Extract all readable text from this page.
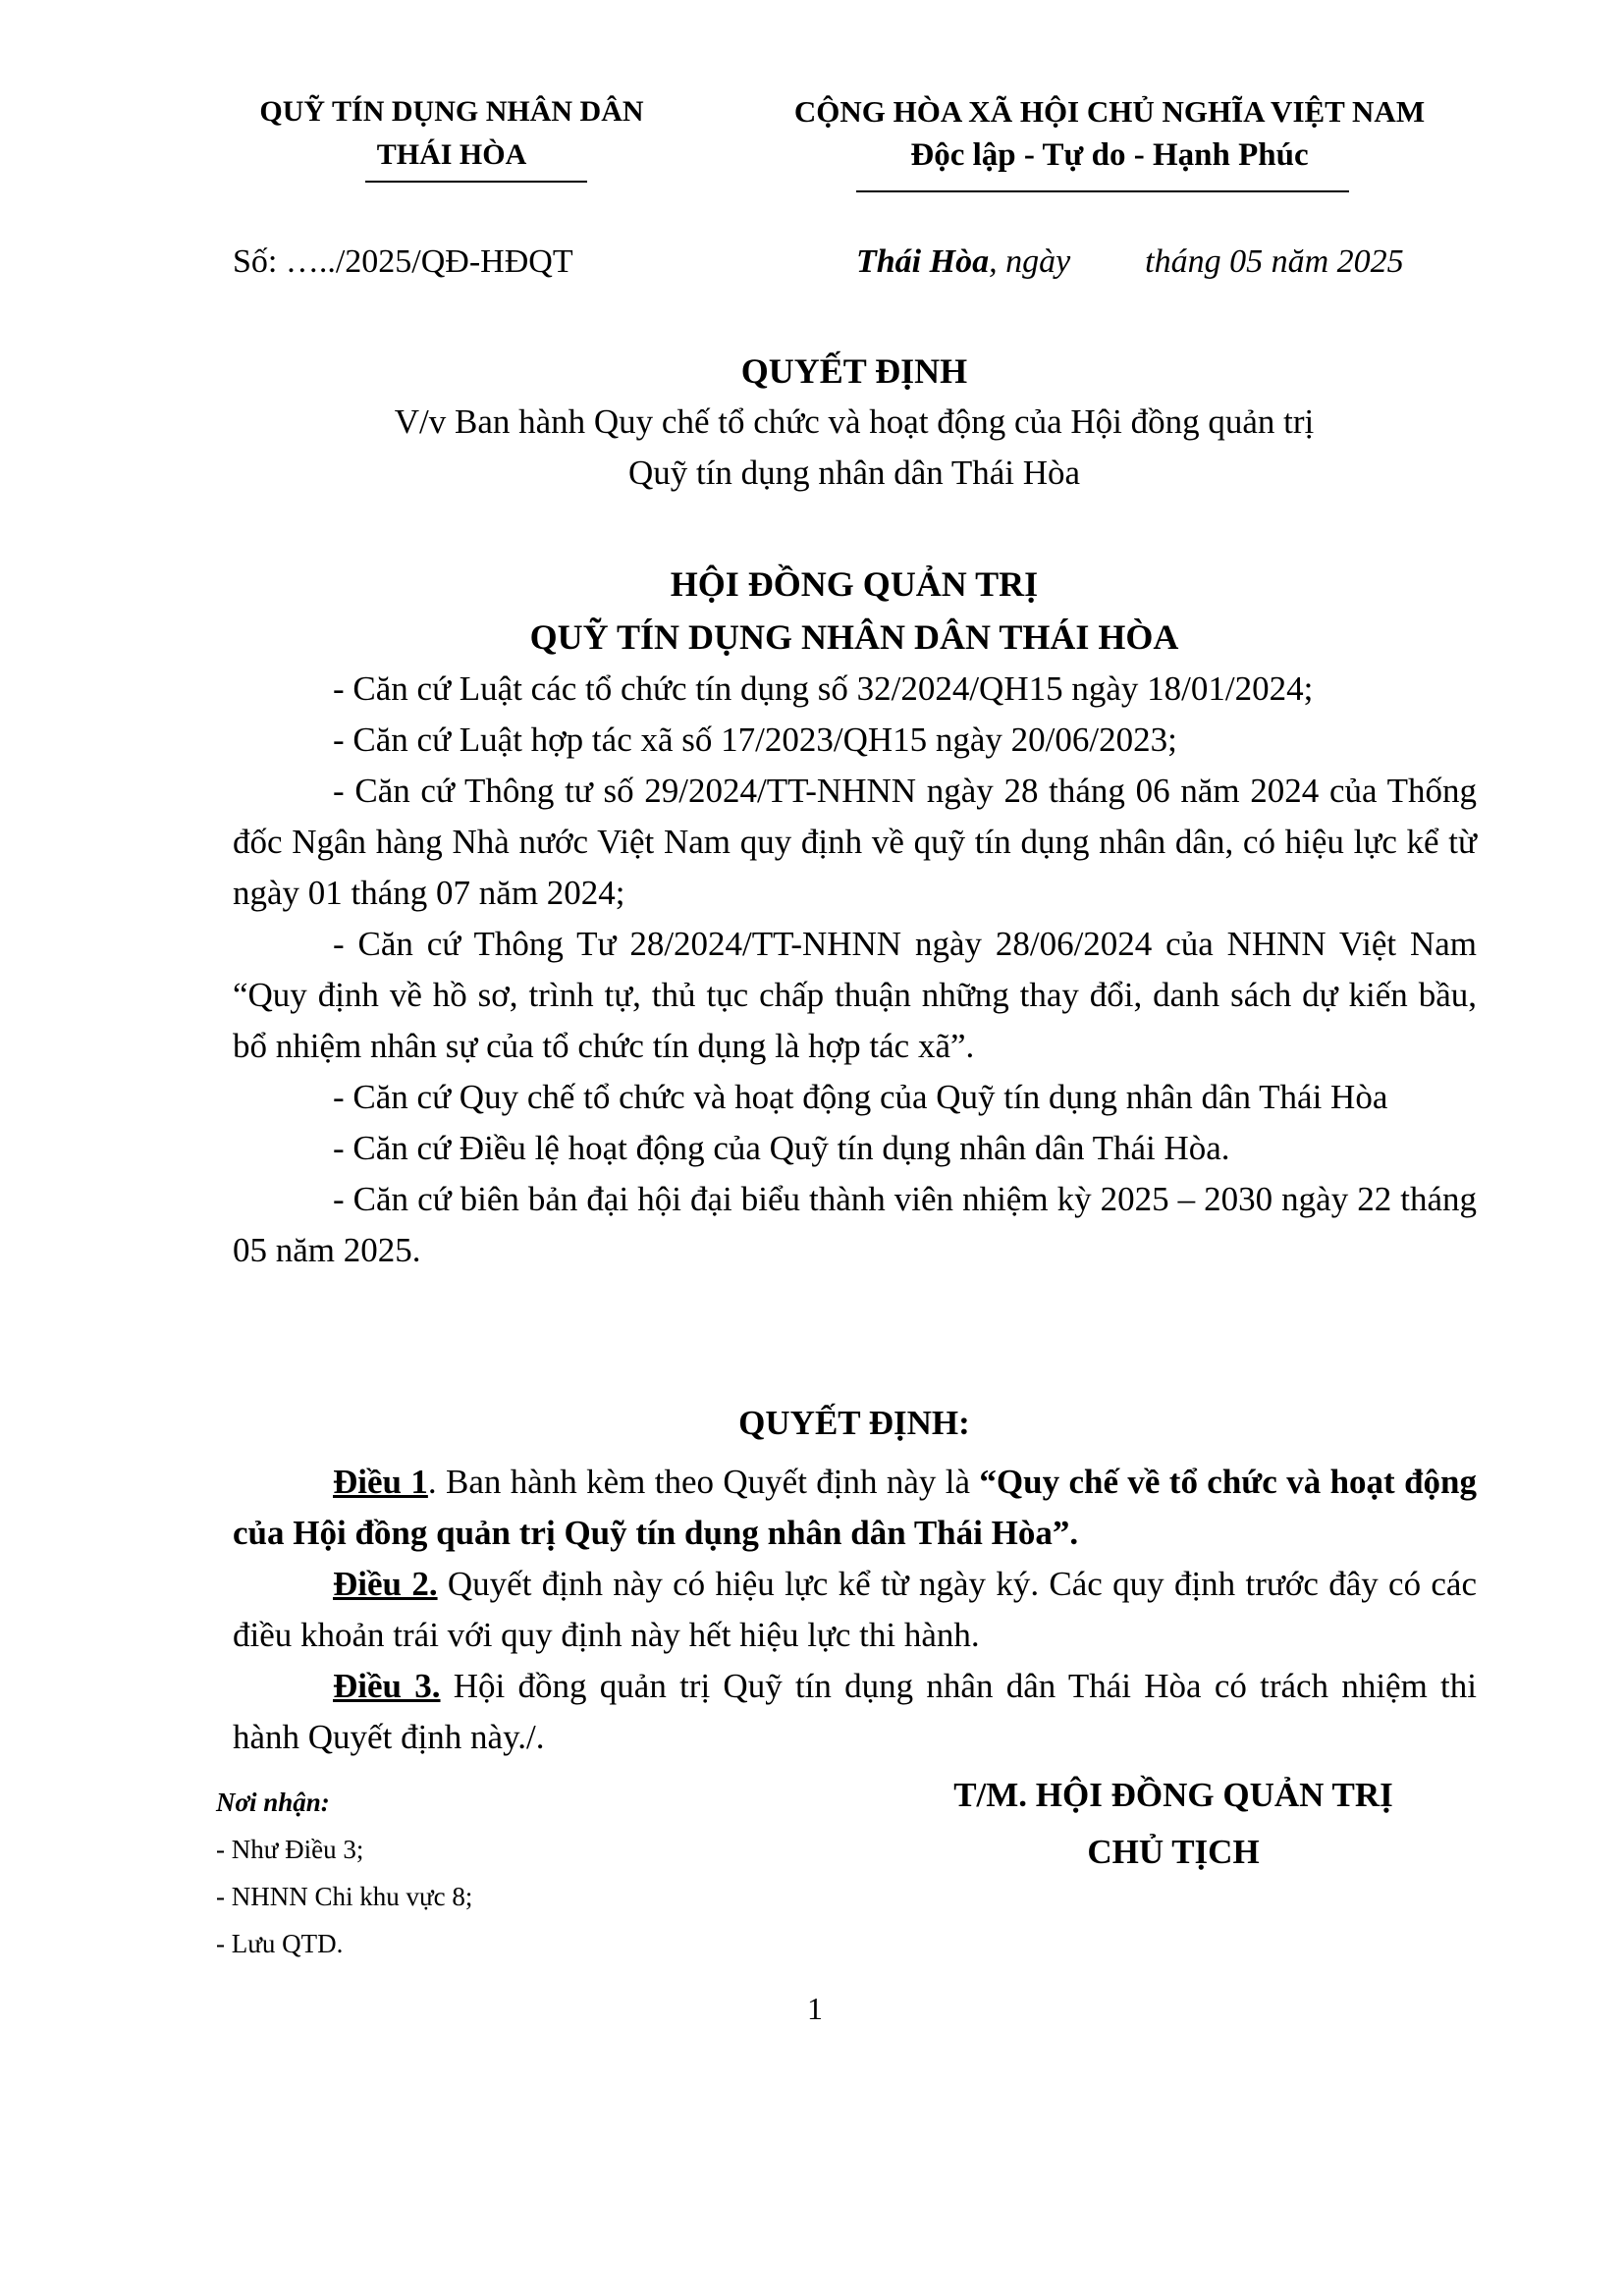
QUỸ TÍN DỤNG NHÂN DÂN
THÁI HÒA
CỘNG HÒA XÃ HỘI CHỦ NGHĨA VIỆT NAM
Độc lập - Tự do - Hạnh Phúc
Số: …../2025/QĐ-HĐQT	Thái Hòa, ngày tháng 05 năm 2025
QUYẾT ĐỊNH
V/v Ban hành Quy chế tổ chức và hoạt động của Hội đồng quản trị
Quỹ tín dụng nhân dân Thái Hòa
HỘI ĐỒNG QUẢN TRỊ
QUỸ TÍN DỤNG NHÂN DÂN THÁI HÒA

- Căn cứ Luật các tổ chức tín dụng số 32/2024/QH15 ngày 18/01/2024;

- Căn cứ Luật hợp tác xã số 17/2023/QH15 ngày 20/06/2023;

- Căn cứ Thông tư số 29/2024/TT-NHNN ngày 28 tháng 06 năm 2024 của Thống đốc Ngân hàng Nhà nước Việt Nam quy định về quỹ tín dụng nhân dân, có hiệu lực kể từ ngày 01 tháng 07 năm 2024;

- Căn cứ Thông Tư 28/2024/TT-NHNN ngày 28/06/2024 của NHNN Việt Nam “Quy định về hồ sơ, trình tự, thủ tục chấp thuận những thay đổi, danh sách dự kiến bầu, bổ nhiệm nhân sự của tổ chức tín dụng là hợp tác xã”.

- Căn cứ Quy chế tổ chức và hoạt động của Quỹ tín dụng nhân dân Thái Hòa

- Căn cứ Điều lệ hoạt động của Quỹ tín dụng nhân dân Thái Hòa.

- Căn cứ biên bản đại hội đại biểu thành viên nhiệm kỳ 2025 – 2030 ngày 22 tháng 05 năm 2025.

QUYẾT ĐỊNH:

Điều 1. Ban hành kèm theo Quyết định này là “Quy chế về tổ chức và hoạt động của Hội đồng quản trị Quỹ tín dụng nhân dân Thái Hòa”.

Điều 2. Quyết định này có hiệu lực kể từ ngày ký. Các quy định trước đây có các điều khoản trái với quy định này hết hiệu lực thi hành.

Điều 3. Hội đồng quản trị Quỹ tín dụng nhân dân Thái Hòa có trách nhiệm thi hành Quyết định này./.

Nơi nhận:
- Như Điều 3;
- NHNN Chi khu vực 8;
- Lưu QTD.
T/M. HỘI ĐỒNG QUẢN TRỊ
CHỦ TỊCH
1
